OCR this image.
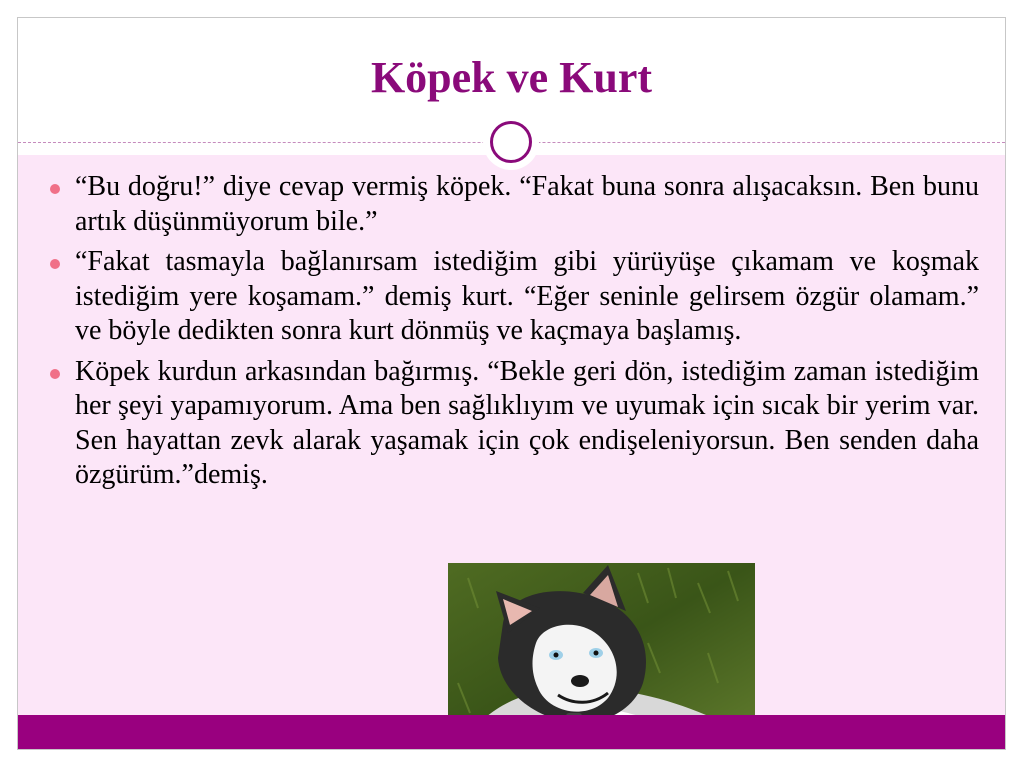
Köpek ve Kurt
“Bu doğru!” diye cevap vermiş köpek. “Fakat buna sonra alışacaksın. Ben bunu artık düşünmüyorum bile.”
“Fakat tasmayla bağlanırsam istediğim gibi yürüyüşe çıkamam ve koşmak istediğim yere koşamam.” demiş kurt. “Eğer seninle gelirsem özgür olamam.” ve böyle dedikten sonra kurt dönmüş ve kaçmaya başlamış.
Köpek kurdun arkasından bağırmış. “Bekle geri dön, istediğim zaman istediğim her şeyi yapamıyorum. Ama ben sağlıklıyım ve uyumak için sıcak bir yerim var. Sen hayattan zevk alarak yaşamak için çok endişeleniyorsun. Ben senden daha özgürüm.”demiş.
